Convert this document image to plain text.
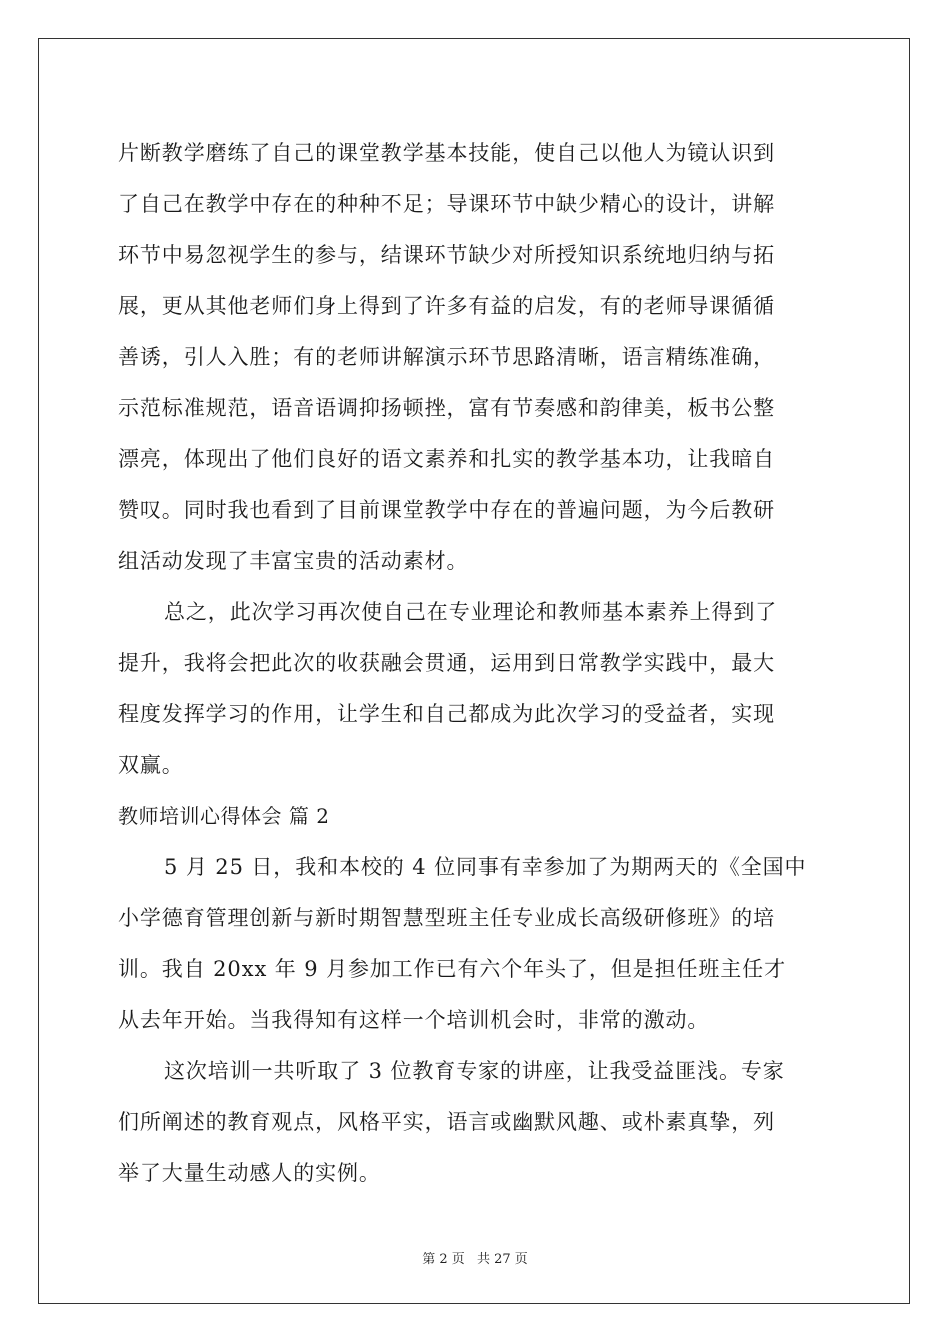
片断教学磨练了自己的课堂教学基本技能，使自己以他人为镜认识到
了自己在教学中存在的种种不足；导课环节中缺少精心的设计，讲解
环节中易忽视学生的参与，结课环节缺少对所授知识系统地归纳与拓
展，更从其他老师们身上得到了许多有益的启发，有的老师导课循循
善诱，引人入胜；有的老师讲解演示环节思路清晰，语言精练准确，
示范标准规范，语音语调抑扬顿挫，富有节奏感和韵律美，板书公整
漂亮，体现出了他们良好的语文素养和扎实的教学基本功，让我暗自
赞叹。同时我也看到了目前课堂教学中存在的普遍问题，为今后教研
组活动发现了丰富宝贵的活动素材。
总之，此次学习再次使自己在专业理论和教师基本素养上得到了
提升，我将会把此次的收获融会贯通，运用到日常教学实践中，最大
程度发挥学习的作用，让学生和自己都成为此次学习的受益者，实现
双赢。
教师培训心得体会 篇 2
5 月 25 日，我和本校的 4 位同事有幸参加了为期两天的《全国中
小学德育管理创新与新时期智慧型班主任专业成长高级研修班》的培
训。我自 20xx 年 9 月参加工作已有六个年头了，但是担任班主任才
从去年开始。当我得知有这样一个培训机会时，非常的激动。
这次培训一共听取了 3 位教育专家的讲座，让我受益匪浅。专家
们所阐述的教育观点，风格平实，语言或幽默风趣、或朴素真挚，列
举了大量生动感人的实例。
第 2 页 共 27 页
